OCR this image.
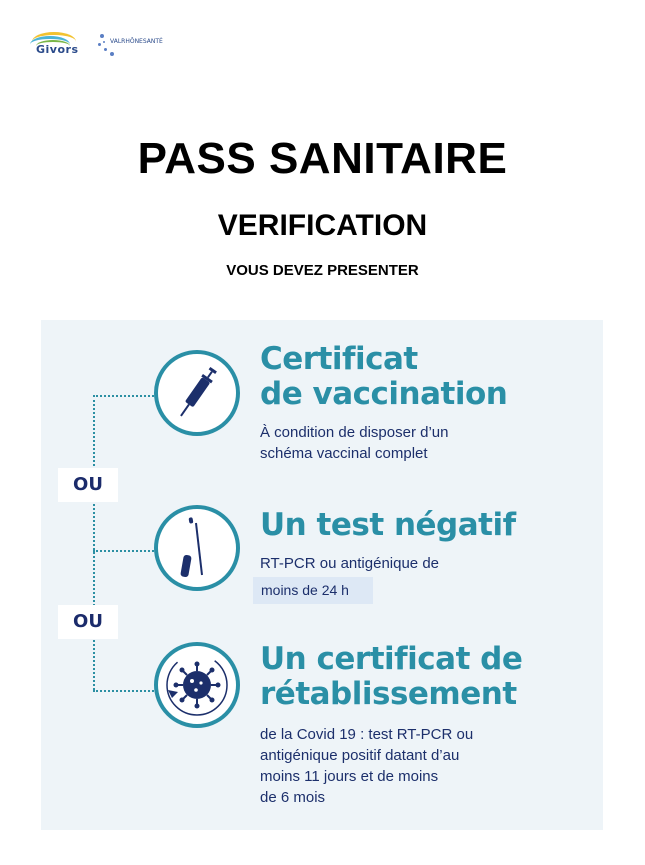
Givors
VALRHÔNESANTÉ
PASS SANITAIRE
VERIFICATION
VOUS DEVEZ PRESENTER
OU
OU
Certificat
de vaccination
À condition de disposer d’un
schéma vaccinal complet
Un test négatif
RT-PCR ou antigénique de
moins de 24 h
Un certificat de
rétablissement
de la Covid 19 : test RT-PCR ou
antigénique positif datant d’au
moins 11 jours et de moins
de 6 mois
